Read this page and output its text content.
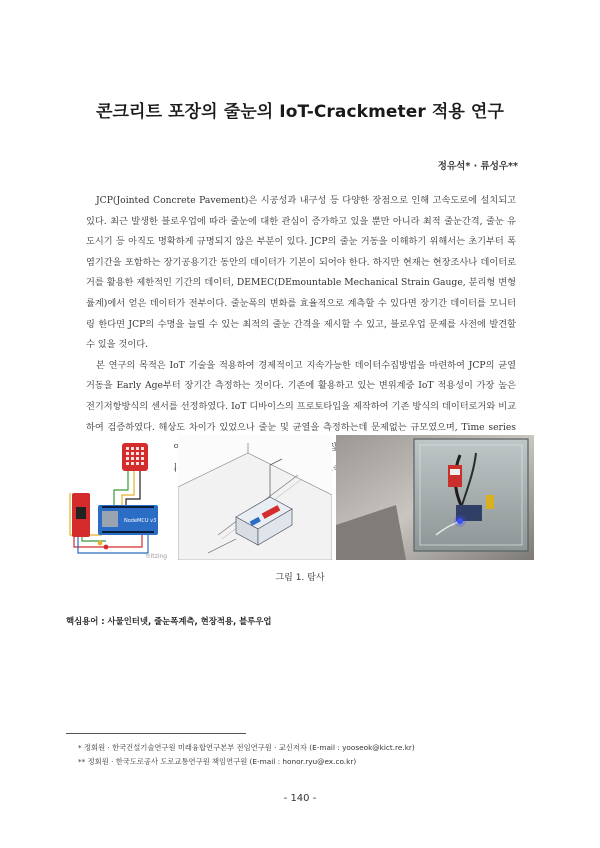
콘크리트 포장의 줄눈의 IoT-Crackmeter 적용 연구
정유석* · 류성우**

JCP(Jointed Concrete Pavement)은 시공성과 내구성 등 다양한 장점으로 인해 고속도로에 설치되고 있다. 최근 발생한 블로우업에 따라 줄눈에 대한 관심이 증가하고 있을 뿐만 아니라 최적 줄눈간격, 줄눈 유도시기 등 아직도 명확하게 규명되지 않은 부분이 있다. JCP의 줄눈 거동을 이해하기 위해서는 초기부터 폭염기간을 포함하는 장기공용기간 동안의 데이터가 기본이 되어야 한다. 하지만 현재는 현장조사나 데이터로거를 활용한 제한적인 기간의 데이터, DEMEC(DEmountable Mechanical Strain Gauge, 분리형 변형률계)에서 얻은 데이터가 전부이다. 줄눈폭의 변화를 효율적으로 계측할 수 있다면 장기간 데이터를 모니터링 한다면 JCP의 수명을 늘릴 수 있는 최적의 줄눈 간격을 제시할 수 있고, 블로우업 문제를 사전에 발견할 수 있을 것이다.

본 연구의 목적은 IoT 기술을 적용하여 경제적이고 지속가능한 데이터수집방법을 마련하여 JCP의 균열 거동을 Early Age부터 장기간 측정하는 것이다. 기존에 활용하고 있는 변위계중 IoT 적용성이 가장 높은 전기저항방식의 센서를 선정하였다. IoT 디바이스의 프로토타입을 제작하여 기존 방식의 데이터로거와 비교하여 검증하였다. 해상도 차이가 있었으나 줄눈 및 균열을 측정하는데 문제없는 규모였으며, Time series

NodeMCU v3
fritzing
그림 1. 탐사
핵심용어 : 사물인터넷, 줄눈폭계측, 현장적용, 블루우업
* 정회원 · 한국건설기술연구원 미래융합연구본부 전임연구원 · 교신저자 (E-mail : yooseok@kict.re.kr)
** 정회원 · 한국도로공사 도로교통연구원 책임연구원 (E-mail : honor.ryu@ex.co.kr)
- 140 -
